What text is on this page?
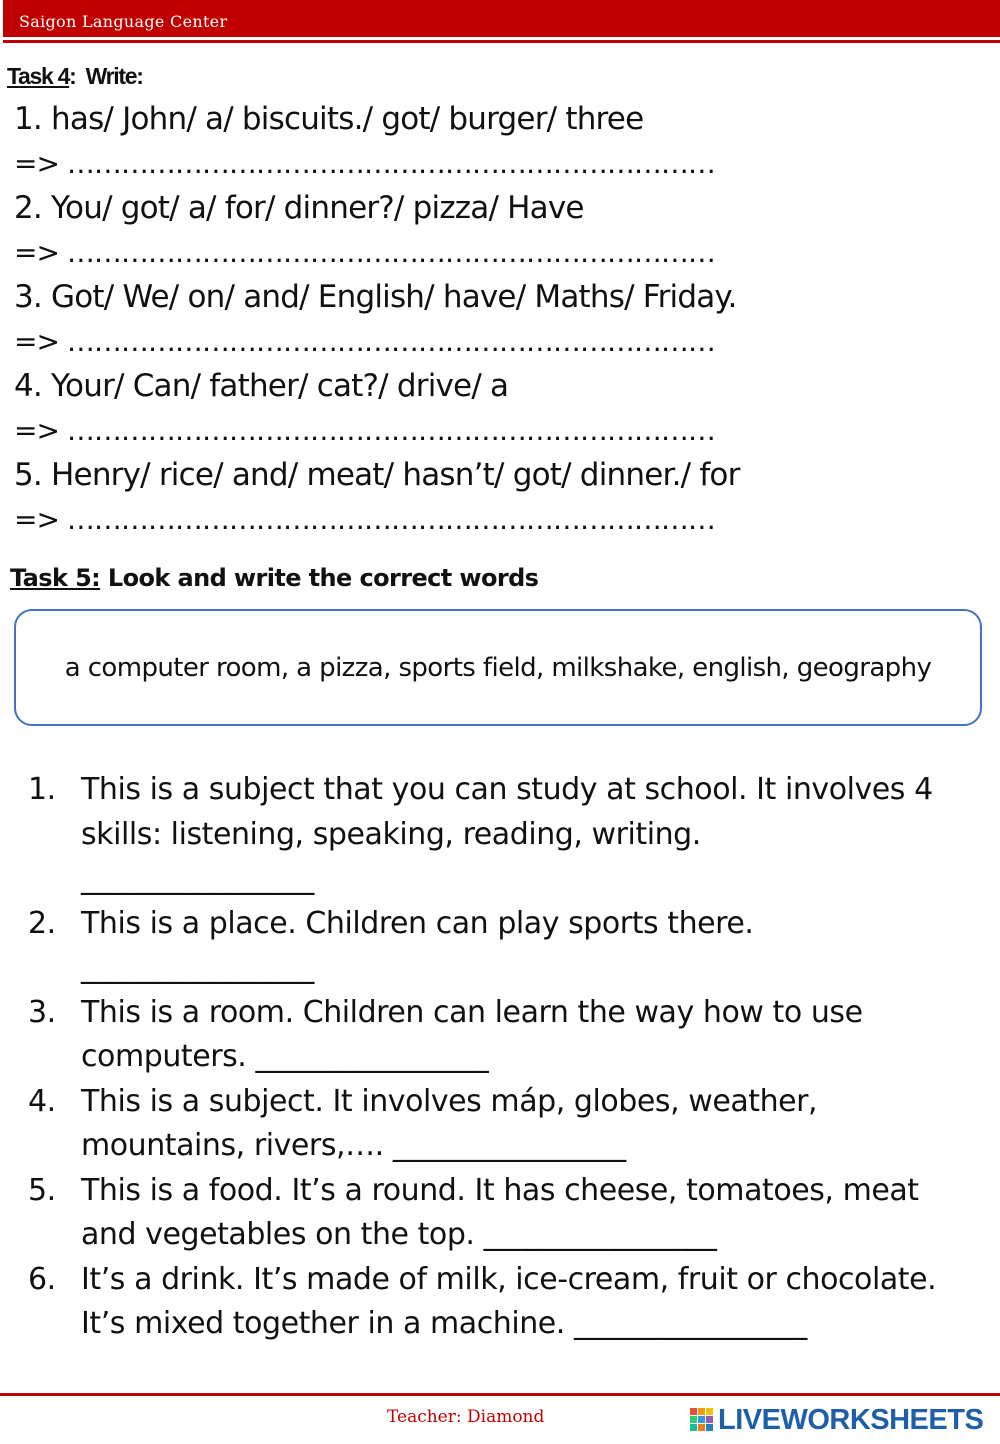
Saigon Language Center
Task 4:  Write:
1. has/ John/ a/ biscuits./ got/ burger/ three
=> ………………………………………………………………
2. You/ got/ a/ for/ dinner?/ pizza/ Have
=> ………………………………………………………………
3. Got/ We/ on/ and/ English/ have/ Maths/ Friday.
=> ………………………………………………………………
4. Your/ Can/ father/ cat?/ drive/ a
=> ………………………………………………………………
5. Henry/ rice/ and/ meat/ hasn’t/ got/ dinner./ for
=> ………………………………………………………………
Task 5: Look and write the correct words
a computer room, a pizza, sports field, milkshake, english, geography
1. This is a subject that you can study at school. It involves 4
skills: listening, speaking, reading, writing.
________________
2. This is a place. Children can play sports there.
________________
3. This is a room. Children can learn the way how to use
computers. ________________
4. This is a subject. It involves máp, globes, weather,
mountains, rivers,…. ________________
5. This is a food. It’s a round. It has cheese, tomatoes, meat
and vegetables on the top. ________________
6. It’s a drink. It’s made of milk, ice-cream, fruit or chocolate.
It’s mixed together in a machine. ________________
Teacher: Diamond	LIVEWORKSHEETS
